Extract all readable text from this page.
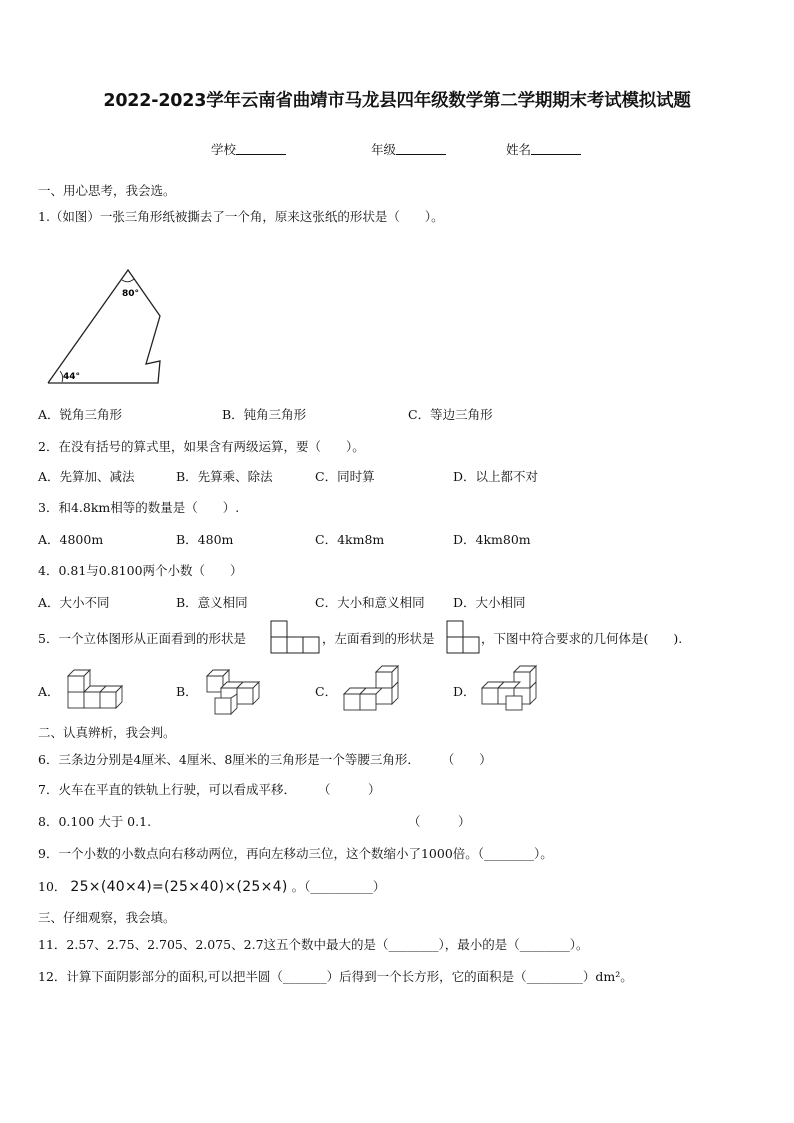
2022-2023学年云南省曲靖市马龙县四年级数学第二学期期末考试模拟试题
学校	年级	姓名
一、用心思考，我会选。
1.（如图）一张三角形纸被撕去了一个角，原来这张纸的形状是（　　）。
80°
44°
A．锐角三角形	B．钝角三角形	C．等边三角形
2．在没有括号的算式里，如果含有两级运算，要（　　）。
A．先算加、减法	B．先算乘、除法	C．同时算	D．以上都不对
3．和4.8km相等的数量是（　　）.
A．4800m	B．480m	C．4km8m	D．4km80m
4．0.81与0.8100两个小数（　　）
A．大小不同	B．意义相同	C．大小和意义相同 D．大小相同
5．一个立体图形从正面看到的形状是	，左面看到的形状是	，下图中符合要求的几何体是(　　).
A．	B．	C．	D．
二、认真辨析，我会判。
6．三条边分别是4厘米、4厘米、8厘米的三角形是一个等腰三角形． （　　）
7．火车在平直的铁轨上行驶，可以看成平移． （　　　）
8．0.100 大于 0.1.	（　　　）
9．一个小数的小数点向右移动两位，再向左移动三位，这个数缩小了1000倍。（________）。
10． 25×(40×4)=(25×40)×(25×4) 。（__________）
三、仔细观察，我会填。
11．2.57、2.75、2.705、2.075、2.7这五个数中最大的是（________），最小的是（________）。
12．计算下面阴影部分的面积,可以把半圆（_______）后得到一个长方形，它的面积是（_________）dm²。
